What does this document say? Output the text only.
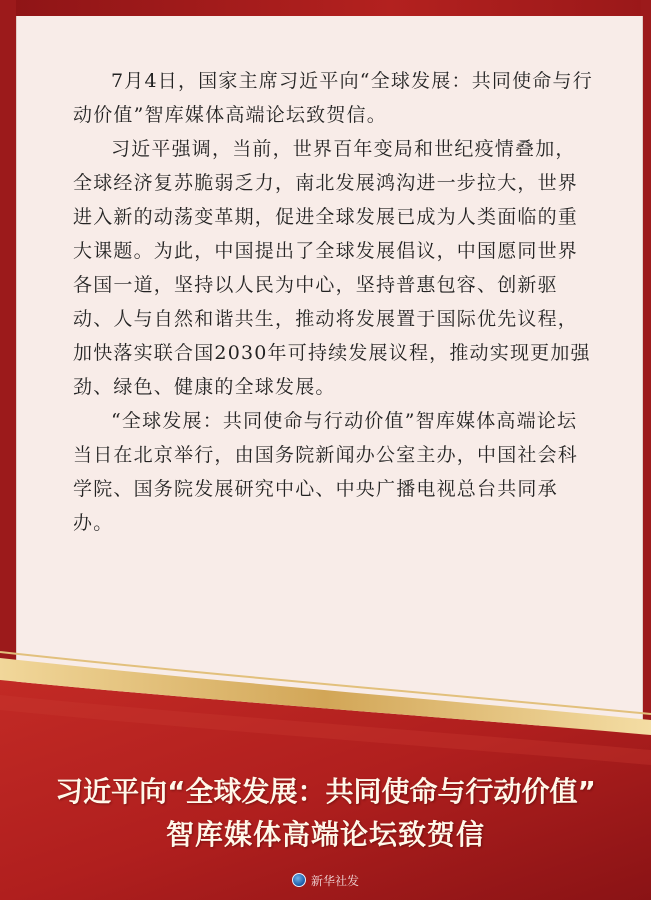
7月4日，国家主席习近平向“全球发展：共同使命与行动价值”智库媒体高端论坛致贺信。

习近平强调，当前，世界百年变局和世纪疫情叠加，全球经济复苏脆弱乏力，南北发展鸿沟进一步拉大，世界进入新的动荡变革期，促进全球发展已成为人类面临的重大课题。为此，中国提出了全球发展倡议，中国愿同世界各国一道，坚持以人民为中心，坚持普惠包容、创新驱动、人与自然和谐共生，推动将发展置于国际优先议程，加快落实联合国2030年可持续发展议程，推动实现更加强劲、绿色、健康的全球发展。

“全球发展：共同使命与行动价值”智库媒体高端论坛当日在北京举行，由国务院新闻办公室主办，中国社会科学院、国务院发展研究中心、中央广播电视总台共同承办。

习近平向“全球发展：共同使命与行动价值”

智库媒体高端论坛致贺信

新华社发
